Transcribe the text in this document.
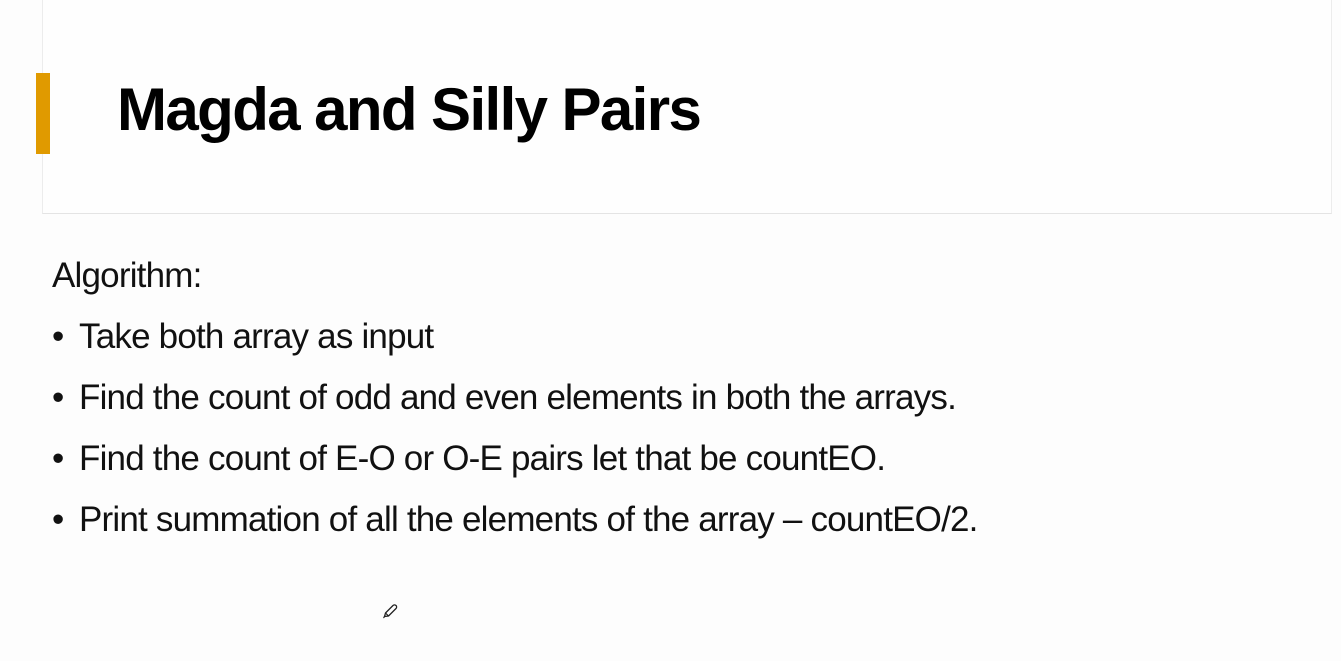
Magda and Silly Pairs

Algorithm:

• Take both array as input
• Find the count of odd and even elements in both the arrays.
• Find the count of E-O or O-E pairs let that be countEO.
• Print summation of all the elements of the array – countEO/2.
